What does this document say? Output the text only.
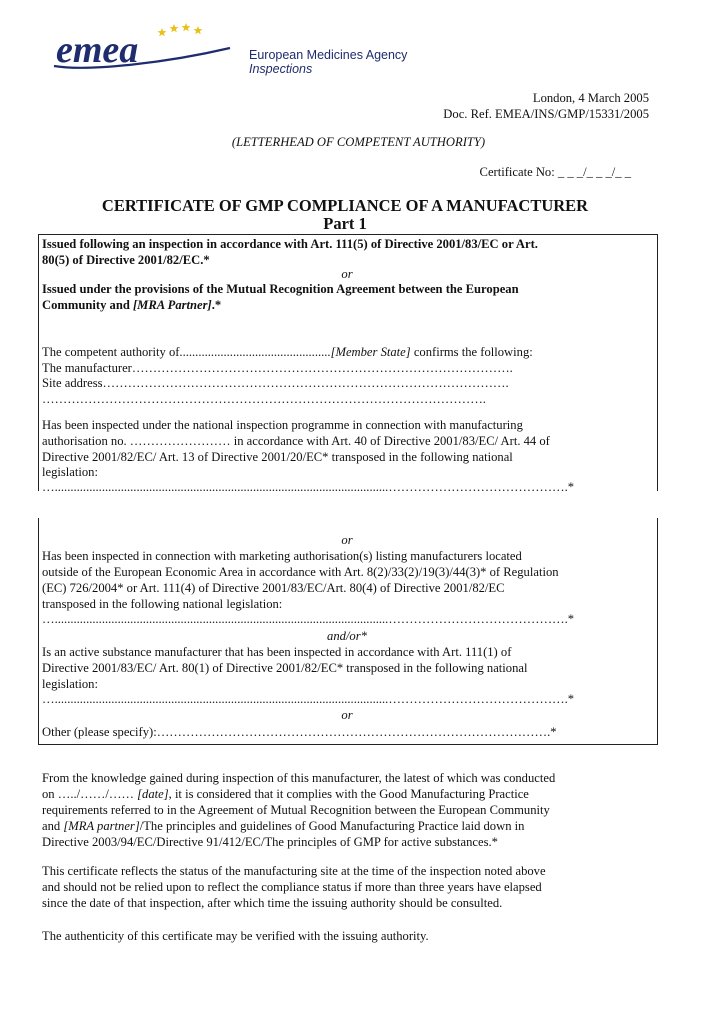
emea	European Medicines Agency
Inspections
London, 4 March 2005
Doc. Ref. EMEA/INS/GMP/15331/2005
(LETTERHEAD OF COMPETENT AUTHORITY)
Certificate No: _ _ _/_ _ _/_ _
CERTIFICATE OF GMP COMPLIANCE OF A MANUFACTURER
Part 1
Issued following an inspection in accordance with Art. 111(5) of Directive 2001/83/EC or Art.
80(5) of Directive 2001/82/EC.*
or
Issued under the provisions of the Mutual Recognition Agreement between the European
Community and [MRA Partner].*
The competent authority of................................................[Member State] confirms the following:
The manufacturer……………………………………………………………………………….
Site address…………………………………………………………………………………….
…………………………………………………………………………………………….
Has been inspected under the national inspection programme in connection with manufacturing
authorisation no. …………………… in accordance with Art. 40 of Directive 2001/83/EC/ Art. 44 of
Directive 2001/82/EC/ Art. 13 of Directive 2001/20/EC* transposed in the following national
legislation:
…..........................................................................................................…………………………………….*
or
Has been inspected in connection with marketing authorisation(s) listing manufacturers located
outside of the European Economic Area in accordance with Art. 8(2)/33(2)/19(3)/44(3)* of Regulation
(EC) 726/2004* or Art. 111(4) of Directive 2001/83/EC/Art. 80(4) of Directive 2001/82/EC
transposed in the following national legislation:
…..........................................................................................................…………………………………….*
and/or*
Is an active substance manufacturer that has been inspected in accordance with Art. 111(1) of
Directive 2001/83/EC/ Art. 80(1) of Directive 2001/82/EC* transposed in the following national
legislation:
…..........................................................................................................…………………………………….*
or
Other (please specify):………………………………………………………………………………….*
From the knowledge gained during inspection of this manufacturer, the latest of which was conducted
on …../……/…… [date], it is considered that it complies with the Good Manufacturing Practice
requirements referred to in the Agreement of Mutual Recognition between the European Community
and [MRA partner]/The principles and guidelines of Good Manufacturing Practice laid down in
Directive 2003/94/EC/Directive 91/412/EC/The principles of GMP for active substances.*
This certificate reflects the status of the manufacturing site at the time of the inspection noted above
and should not be relied upon to reflect the compliance status if more than three years have elapsed
since the date of that inspection, after which time the issuing authority should be consulted.
The authenticity of this certificate may be verified with the issuing authority.
